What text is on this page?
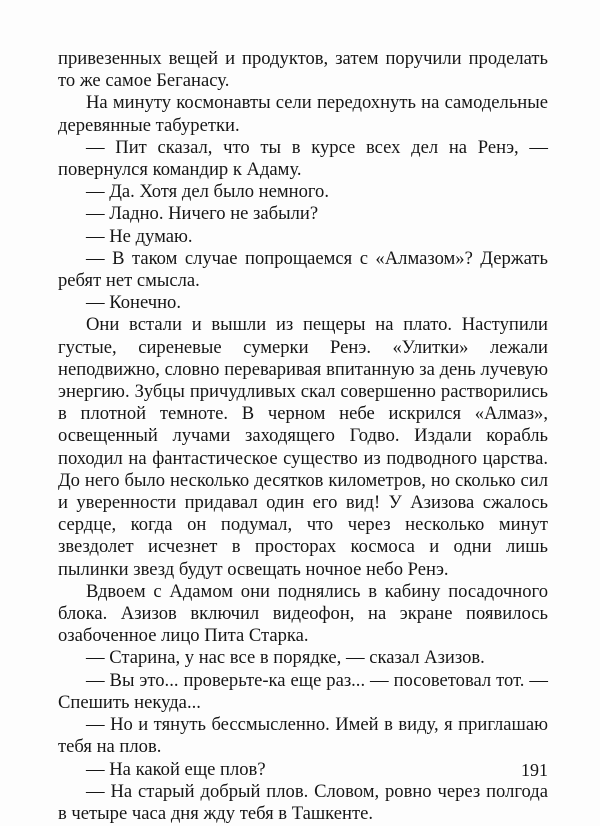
привезенных вещей и продуктов, затем поручили проделать то же самое Беганасу.

На минуту космонавты сели передохнуть на самодельные деревянные табуретки.

— Пит сказал, что ты в курсе всех дел на Ренэ, — повернулся командир к Адаму.

— Да. Хотя дел было немного.

— Ладно. Ничего не забыли?

— Не думаю.

— В таком случае попрощаемся с «Алмазом»? Держать ребят нет смысла.

— Конечно.

Они встали и вышли из пещеры на плато. Наступили густые, сиреневые сумерки Ренэ. «Улитки» лежали неподвижно, словно переваривая впитанную за день лучевую энергию. Зубцы причудливых скал совершенно растворились в плотной темноте. В черном небе искрился «Алмаз», освещенный лучами заходящего Годво. Издали корабль походил на фантастическое существо из подводного царства. До него было несколько десятков километров, но сколько сил и уверенности придавал один его вид! У Азизова сжалось сердце, когда он подумал, что через несколько минут звездолет исчезнет в просторах космоса и одни лишь пылинки звезд будут освещать ночное небо Ренэ.

Вдвоем с Адамом они поднялись в кабину посадочного блока. Азизов включил видеофон, на экране появилось озабоченное лицо Пита Старка.

— Старина, у нас все в порядке, — сказал Азизов.

— Вы это... проверьте-ка еще раз... — посоветовал тот. — Спешить некуда...

— Но и тянуть бессмысленно. Имей в виду, я приглашаю тебя на плов.

— На какой еще плов?

— На старый добрый плов. Словом, ровно через полгода в четыре часа дня жду тебя в Ташкенте.

191
